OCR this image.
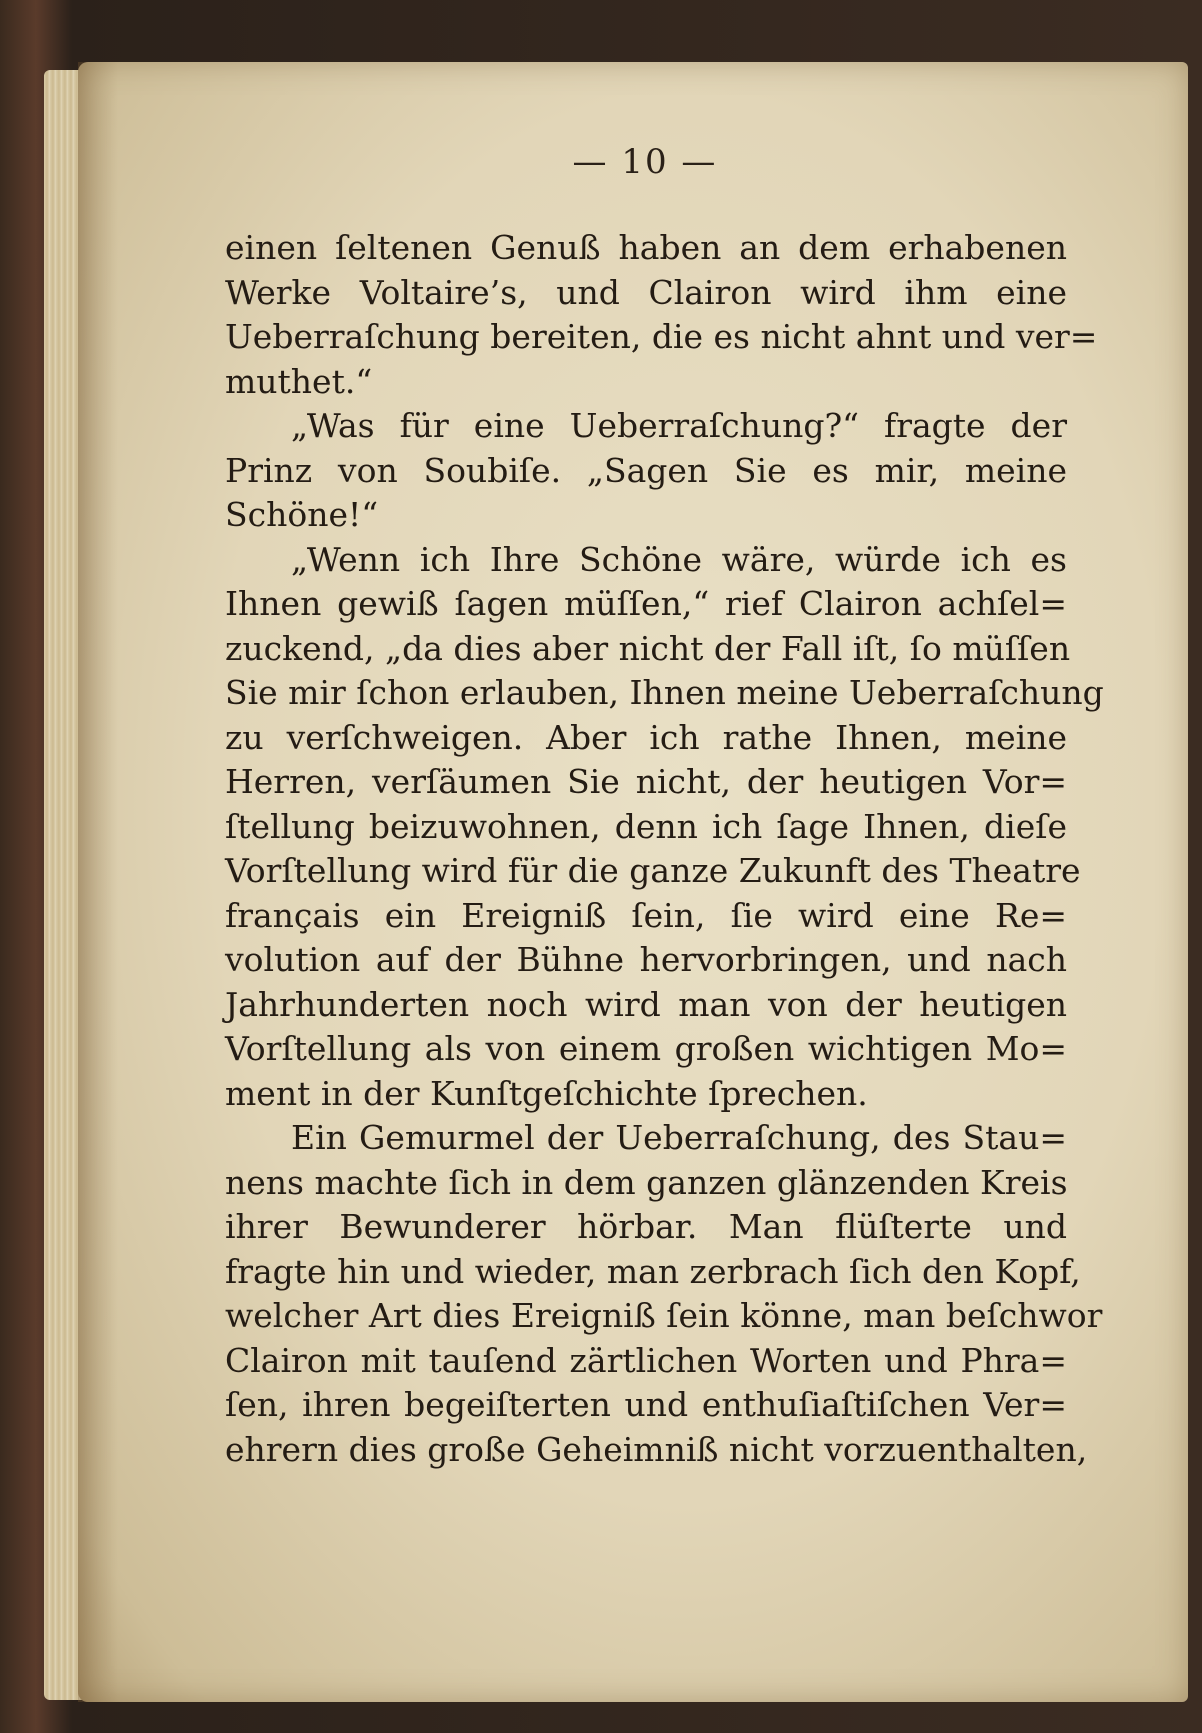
— 10 —
einen ſeltenen Genuß haben an dem erhabenen
Werke Voltaire’s, und Clairon wird ihm eine
Ueberraſchung bereiten, die es nicht ahnt und ver=
muthet.“
„Was für eine Ueberraſchung?“ fragte der
Prinz von Soubiſe. „Sagen Sie es mir, meine
Schöne!“
„Wenn ich Ihre Schöne wäre, würde ich es
Ihnen gewiß ſagen müſſen,“ rief Clairon achſel=
zuckend, „da dies aber nicht der Fall iſt, ſo müſſen
Sie mir ſchon erlauben, Ihnen meine Ueberraſchung
zu verſchweigen. Aber ich rathe Ihnen, meine
Herren, verſäumen Sie nicht, der heutigen Vor=
ſtellung beizuwohnen, denn ich ſage Ihnen, dieſe
Vorſtellung wird für die ganze Zukunft des Theatre
français ein Ereigniß ſein, ſie wird eine Re=
volution auf der Bühne hervorbringen, und nach
Jahrhunderten noch wird man von der heutigen
Vorſtellung als von einem großen wichtigen Mo=
ment in der Kunſtgeſchichte ſprechen.
Ein Gemurmel der Ueberraſchung, des Stau=
nens machte ſich in dem ganzen glänzenden Kreis
ihrer Bewunderer hörbar. Man flüſterte und
fragte hin und wieder, man zerbrach ſich den Kopf,
welcher Art dies Ereigniß ſein könne, man beſchwor
Clairon mit tauſend zärtlichen Worten und Phra=
ſen, ihren begeiſterten und enthuſiaſtiſchen Ver=
ehrern dies große Geheimniß nicht vorzuenthalten,
